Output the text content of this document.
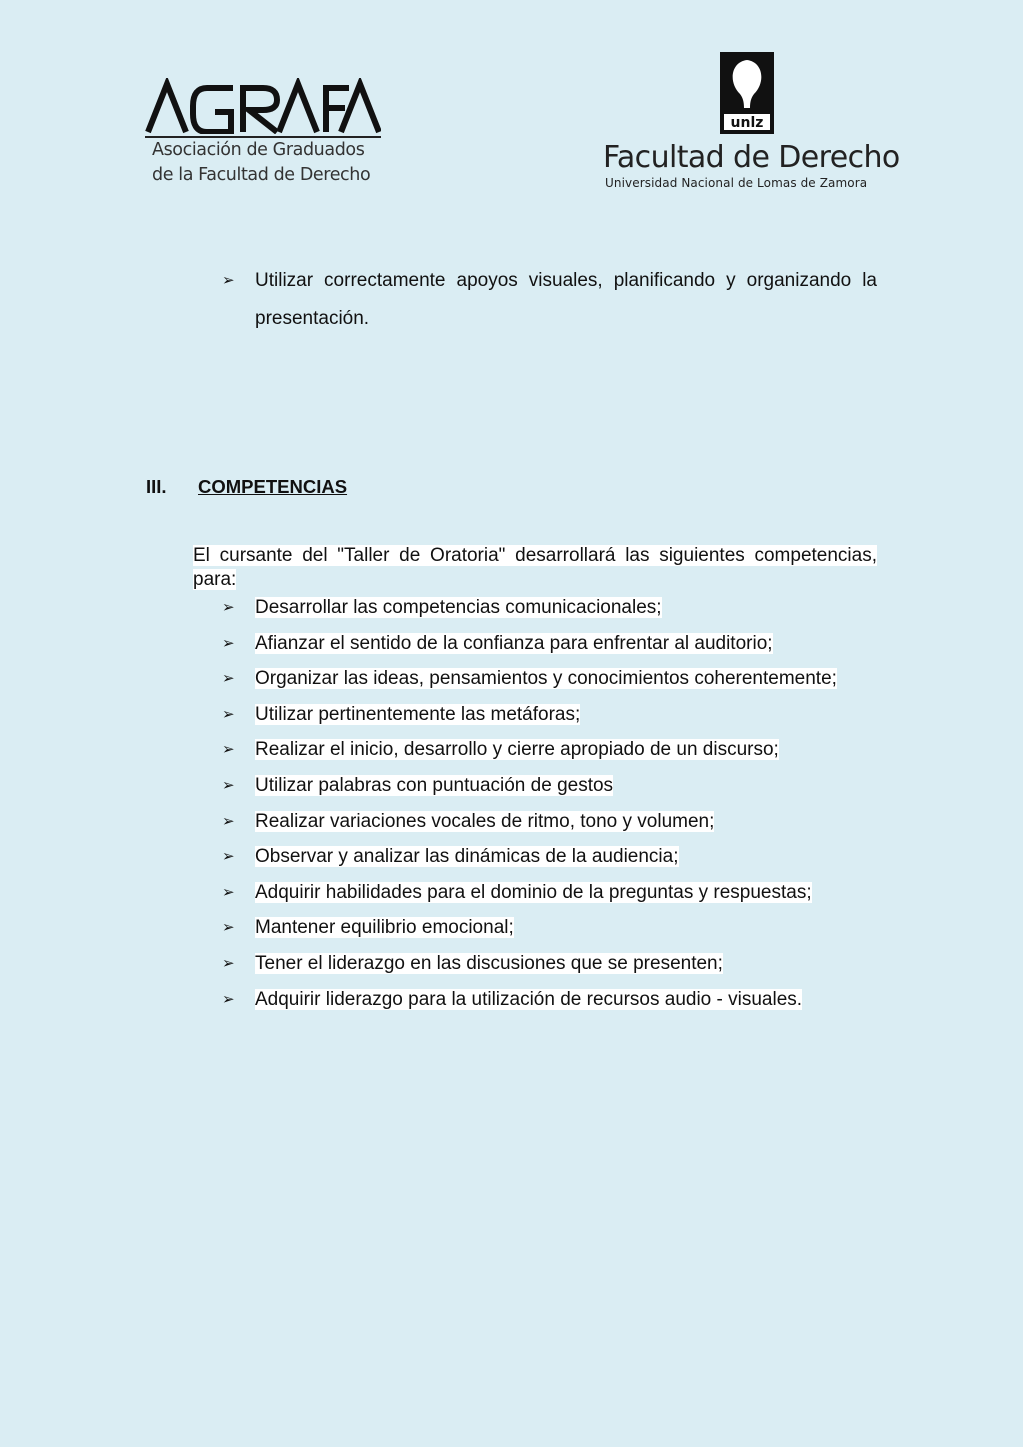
Asociación de Graduados
de la Facultad de Derecho
unlz
Facultad de Derecho
Universidad Nacional de Lomas de Zamora
➢ Utilizar correctamente apoyos visuales, planificando y organizando la presentación.
III. COMPETENCIAS

El cursante del "Taller de Oratoria" desarrollará las siguientes competencias, para:

➢ Desarrollar las competencias comunicacionales;
➢ Afianzar el sentido de la confianza para enfrentar al auditorio;
➢ Organizar las ideas, pensamientos y conocimientos coherentemente;
➢ Utilizar pertinentemente las metáforas;
➢ Realizar el inicio, desarrollo y cierre apropiado de un discurso;
➢ Utilizar palabras con puntuación de gestos
➢ Realizar variaciones vocales de ritmo, tono y volumen;
➢ Observar y analizar las dinámicas de la audiencia;
➢ Adquirir habilidades para el dominio de la preguntas y respuestas;
➢ Mantener equilibrio emocional;
➢ Tener el liderazgo en las discusiones que se presenten;
➢ Adquirir liderazgo para la utilización de recursos audio - visuales.
